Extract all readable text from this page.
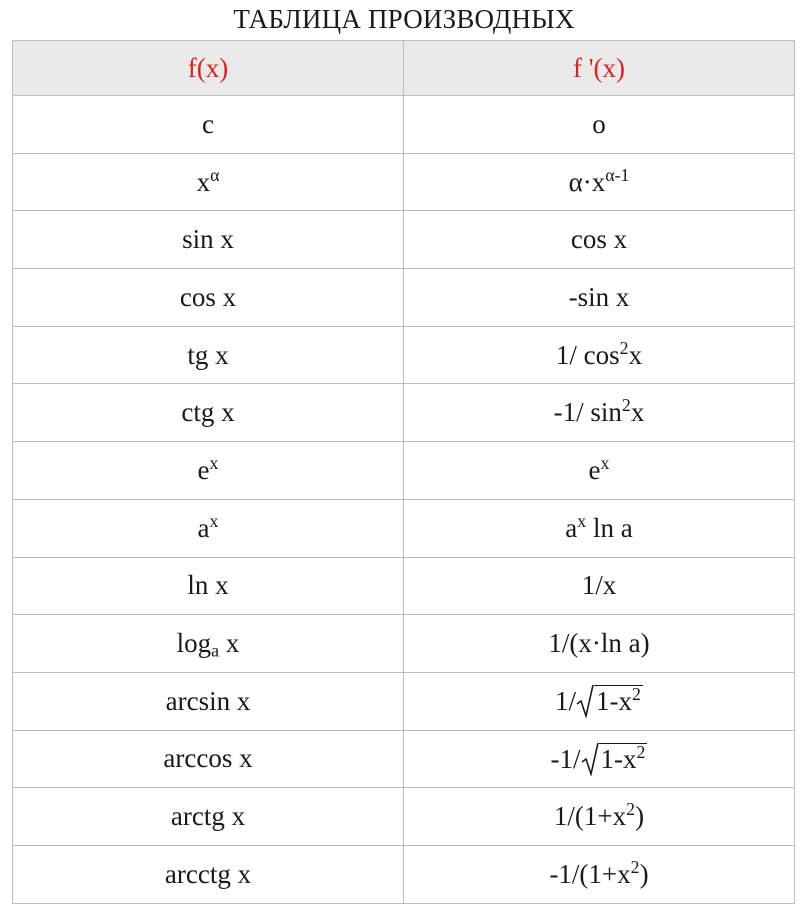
ТАБЛИЦА ПРОИЗВОДНЫХ
f(x)	f '(x)
c	o
$x^\alpha$	$\alpha\cdot x^{\alpha-1}$
sin x	cos x
cos x	-sin x
tg x	1/ $\cos^2x$
ctg x	-1/ $\sin^2x$
$e^x$	$e^x$
$a^x$	$a^x$ ln a
ln x	1/x
$\log_a x$	1/(x·ln a)
arcsin x	1/ $1-x^2$
arccos x	-1/ $1-x^2$
arctg x	$1/(1+x^2)$
arcctg x	$-1/(1+x^2)$
